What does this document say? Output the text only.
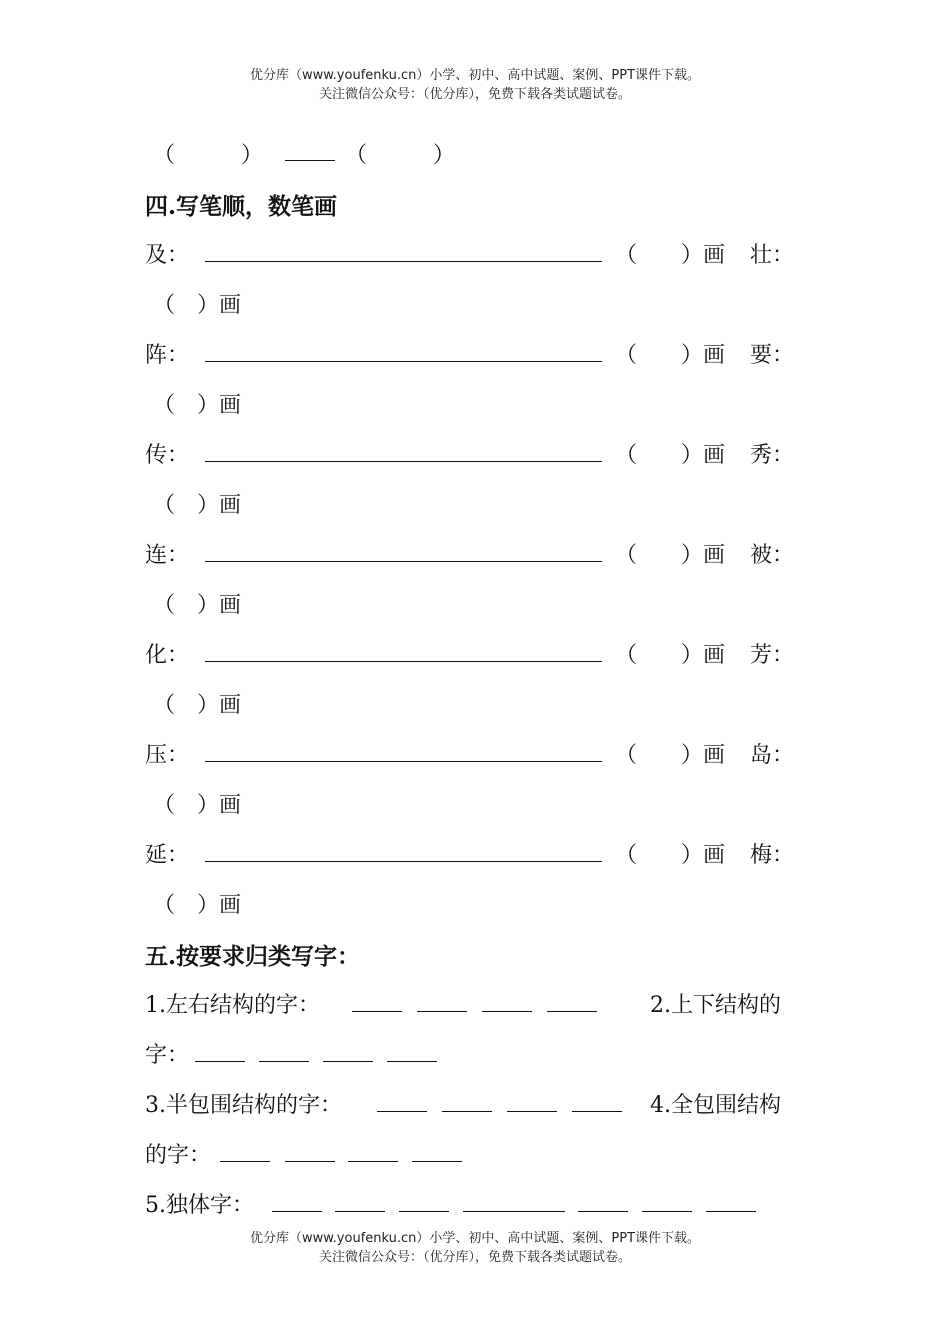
优分库（www.youfenku.cn）小学、初中、高中试题、案例、PPT课件下载。
关注微信公众号：（优分库），免费下载各类试题试卷。
（　　　）	（　　　）
四.写笔顺，数笔画
及：	（　　）画 壮：
（　）画
阵：	（　　）画 要：
（　）画
传：	（　　）画 秀：
（　）画
连：	（　　）画 被：
（　）画
化：	（　　）画 芳：
（　）画
压：	（　　）画 岛：
（　）画
延：	（　　）画 梅：
（　）画
五.按要求归类写字：
1.左右结构的字：	2.上下结构的
字：
3.半包围结构的字：	4.全包围结构
的字：
5.独体字：
优分库（www.youfenku.cn）小学、初中、高中试题、案例、PPT课件下载。
关注微信公众号：（优分库），免费下载各类试题试卷。
